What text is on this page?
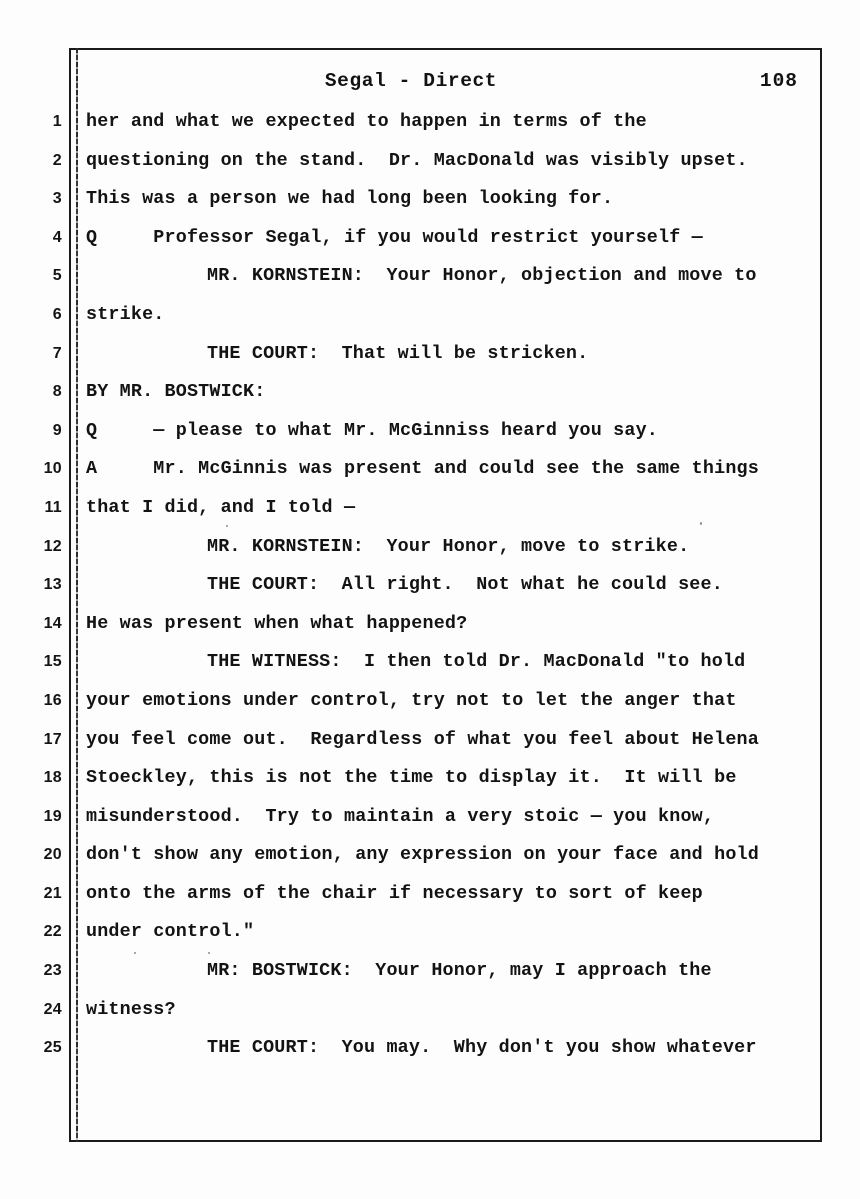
Segal - Direct	108
1 her and what we expected to happen in terms of the
2 questioning on the stand.  Dr. MacDonald was visibly upset.
3 This was a person we had long been looking for.
4 Q     Professor Segal, if you would restrict yourself —
5	MR. KORNSTEIN:  Your Honor, objection and move to
6 strike.
7	THE COURT:  That will be stricken.
8 BY MR. BOSTWICK:
9 Q     — please to what Mr. McGinniss heard you say.
10 A     Mr. McGinnis was present and could see the same things
11 that I did, and I told —
12	MR. KORNSTEIN:  Your Honor, move to strike.
13	THE COURT:  All right.  Not what he could see.
14 He was present when what happened?
15	THE WITNESS:  I then told Dr. MacDonald "to hold
16 your emotions under control, try not to let the anger that
17 you feel come out.  Regardless of what you feel about Helena
18 Stoeckley, this is not the time to display it.  It will be
19 misunderstood.  Try to maintain a very stoic — you know,
20 don't show any emotion, any expression on your face and hold
21 onto the arms of the chair if necessary to sort of keep
22 under control."
23	MR: BOSTWICK:  Your Honor, may I approach the
24 witness?
25	THE COURT:  You may.  Why don't you show whatever
